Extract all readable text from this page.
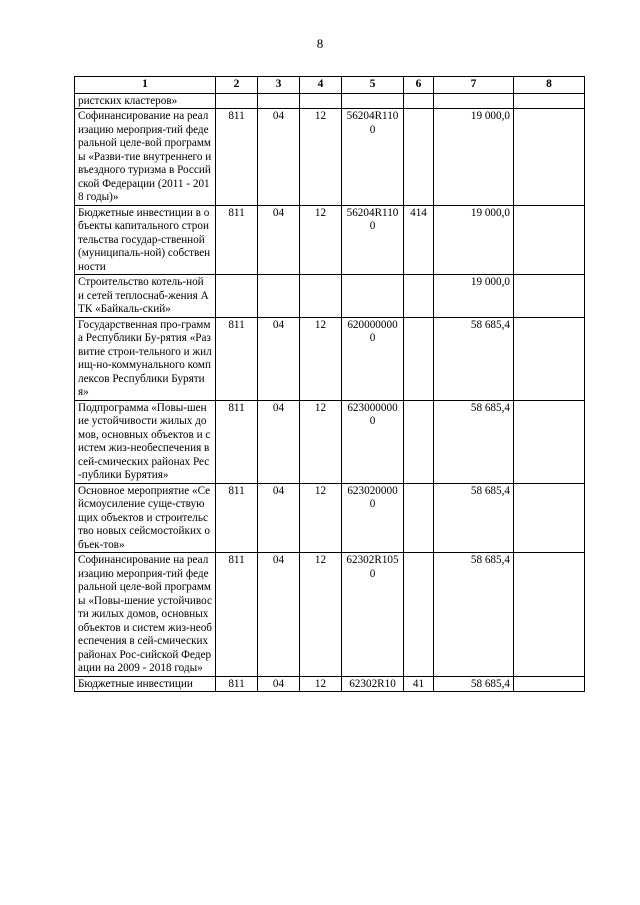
8
1	2	3	4	5	6	7	8
ристских кластеров»							
Софинансирование на реализацию мероприя-тий федеральной целе-вой программы «Разви-тие внутреннего и въездного туризма в Российской Федерации (2011 - 2018 годы)»	811	04	12	56204R1100		19 000,0	
Бюджетные инвестиции в объекты капитального строительства государ-ственной (муниципаль-ной) собственности	811	04	12	56204R1100	414	19 000,0	
Строительство котель-ной и сетей теплоснаб-жения АТК «Байкаль-ский»						19 000,0	
Государственная про-грамма Республики Бу-рятия «Развитие строи-тельного и жилищ-но-коммунального комплексов Республики Бурятия»	811	04	12	6200000000		58 685,4	
Подпрограмма «Повы-шение устойчивости жилых домов, основных объектов и систем жиз-необеспечения в сей-смических районах Рес-публики Бурятия»	811	04	12	6230000000		58 685,4	
Основное мероприятие «Сейсмоусиление суще-ствующих объектов и строительство новых сейсмостойких объек-тов»	811	04	12	6230200000		58 685,4	
Софинансирование на реализацию мероприя-тий федеральной целе-вой программы «Повы-шение устойчивости жилых домов, основных объектов и систем жиз-необеспечения в сей-смических районах Рос-сийской Федерации на 2009 - 2018 годы»	811	04	12	62302R1050		58 685,4	
Бюджетные инвестиции	811	04	12	62302R10	41	58 685,4	
